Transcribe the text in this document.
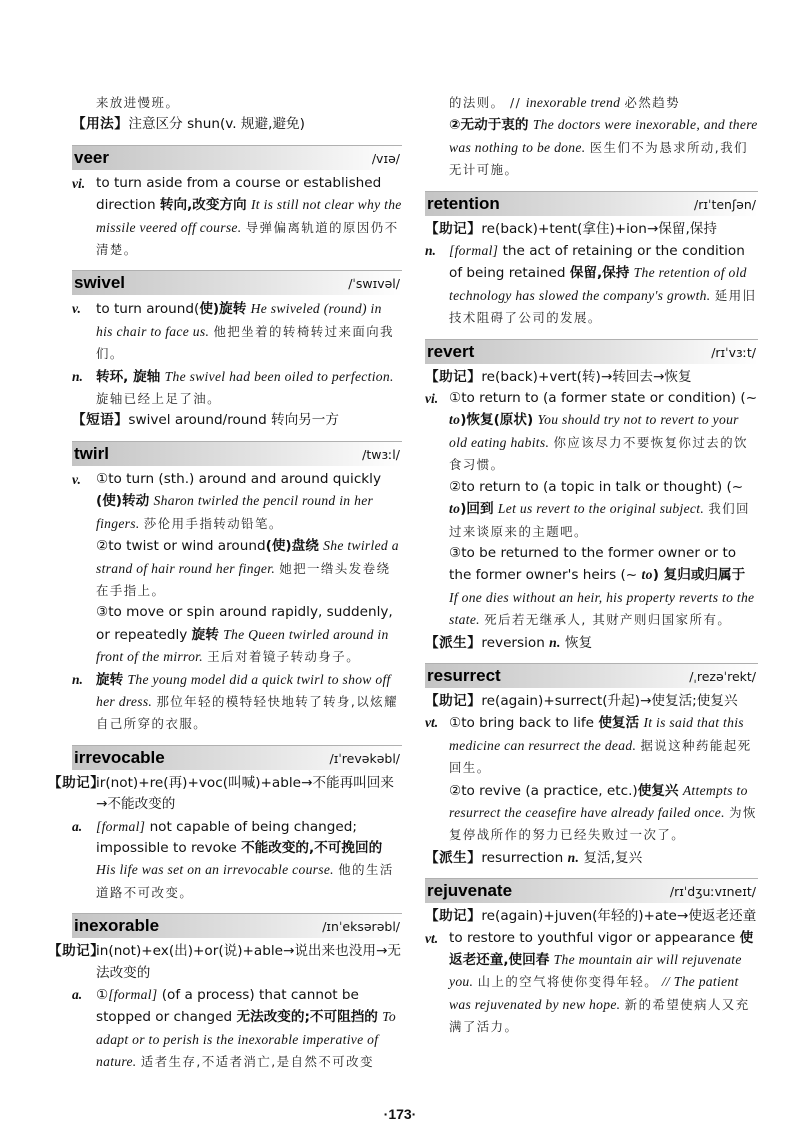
来放进慢班。

【用法】注意区分 shun(v. 规避,避免)

veer	/vɪə/

vi. to turn aside from a course or established direction 转向,改变方向 It is still not clear why the missile veered off course. 导弹偏离轨道的原因仍不清楚。

swivel	/ˈswɪvəl/

v. to turn around(使)旋转 He swiveled (round) in his chair to face us. 他把坐着的转椅转过来面向我们。

n. 转环, 旋轴 The swivel had been oiled to perfection. 旋轴已经上足了油。

【短语】swivel around/round 转向另一方

twirl	/twɜːl/

v. ①to turn (sth.) around and around quickly (使)转动 Sharon twirled the pencil round in her fingers. 莎伦用手指转动铅笔。

②to twist or wind around(使)盘绕 She twirled a strand of hair round her finger. 她把一绺头发卷绕在手指上。

③to move or spin around rapidly, suddenly, or repeatedly 旋转 The Queen twirled around in front of the mirror. 王后对着镜子转动身子。

n. 旋转 The young model did a quick twirl to show off her dress. 那位年轻的模特轻快地转了转身,以炫耀自己所穿的衣服。

irrevocable	/ɪˈrevəkəbl/

【助记】
ir(not)+re(再)+voc(叫喊)+able→不能再叫回来→不能改变的

a. [formal] not capable of being changed; impossible to revoke 不能改变的,不可挽回的 His life was set on an irrevocable course. 他的生活道路不可改变。

inexorable	/ɪnˈeksərəbl/

【助记】
in(not)+ex(出)+or(说)+able→说出来也没用→无法改变的

a. ①[formal] (of a process) that cannot be stopped or changed 无法改变的;不可阻挡的 To adapt or to perish is the inexorable imperative of nature. 适者生存,不适者消亡,是自然不可改变

的法则。 // inexorable trend 必然趋势

②无动于衷的 The doctors were inexorable, and there was nothing to be done. 医生们不为恳求所动,我们无计可施。

retention	/rɪˈtenʃən/

【助记】re(back)+tent(拿住)+ion→保留,保持

n. [formal] the act of retaining or the condition of being retained 保留,保持 The retention of old technology has slowed the company's growth. 延用旧技术阻碍了公司的发展。

revert	/rɪˈvɜːt/

【助记】re(back)+vert(转)→转回去→恢复

vi. ①to return to (a former state or condition) (~ to)恢复(原状) You should try not to revert to your old eating habits. 你应该尽力不要恢复你过去的饮食习惯。

②to return to (a topic in talk or thought) (~ to)回到 Let us revert to the original subject. 我们回过来谈原来的主题吧。

③to be returned to the former owner or to the former owner's heirs (~ to) 复归或归属于 If one dies without an heir, his property reverts to the state. 死后若无继承人, 其财产则归国家所有。

【派生】reversion n. 恢复

resurrect	/ˌrezəˈrekt/

【助记】re(again)+surrect(升起)→使复活;使复兴

vt. ①to bring back to life 使复活 It is said that this medicine can resurrect the dead. 据说这种药能起死回生。

②to revive (a practice, etc.)使复兴 Attempts to resurrect the ceasefire have already failed once. 为恢复停战所作的努力已经失败过一次了。

【派生】resurrection n. 复活,复兴

rejuvenate	/rɪˈdʒuːvɪneɪt/

【助记】re(again)+juven(年轻的)+ate→使返老还童

vt. to restore to youthful vigor or appearance 使返老还童,使回春 The mountain air will rejuvenate you. 山上的空气将使你变得年轻。 // The patient was rejuvenated by new hope. 新的希望使病人又充满了活力。

·173·
